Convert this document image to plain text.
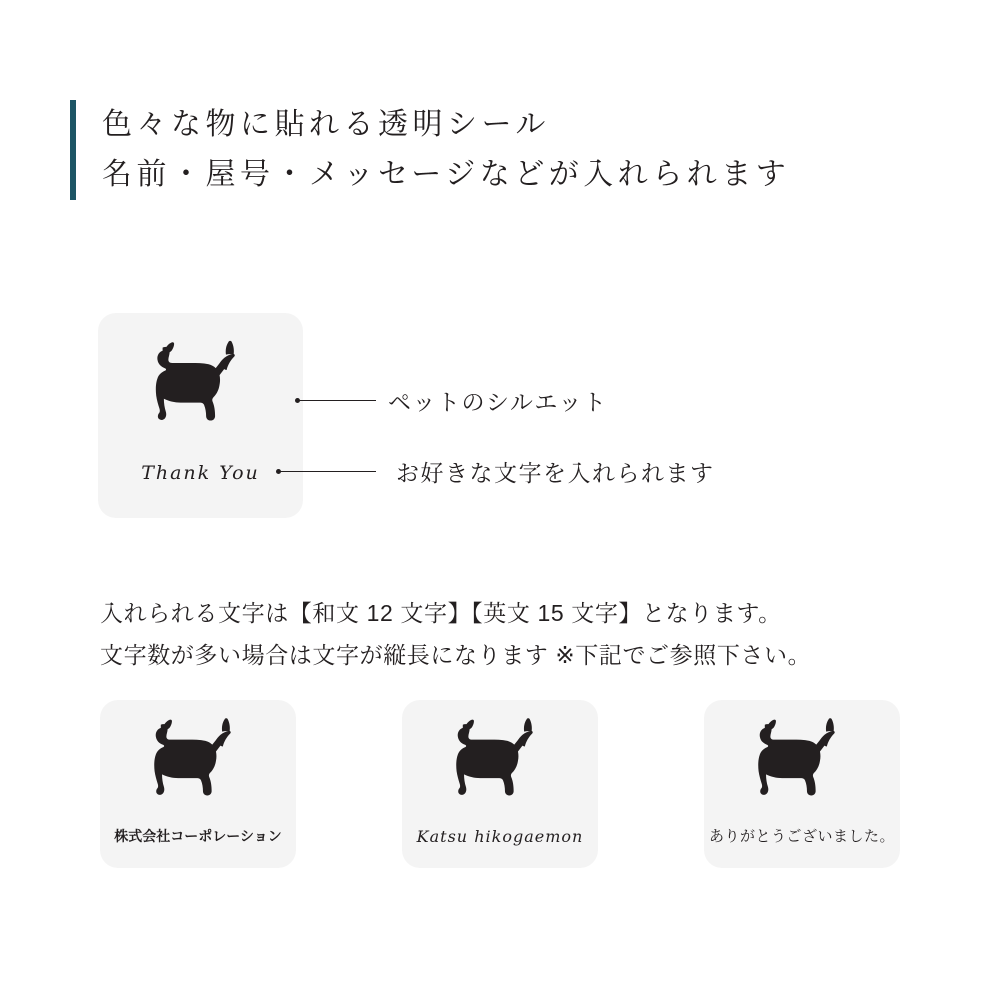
色々な物に貼れる透明シール
名前・屋号・メッセージなどが入れられます
Thank You
ペットのシルエット
お好きな文字を入れられます
入れられる文字は【和文 12 文字】【英文 15 文字】となります。
文字数が多い場合は文字が縦長になります ※下記でご参照下さい。
株式会社コーポレーション	Katsu hikogaemon	ありがとうございました。
